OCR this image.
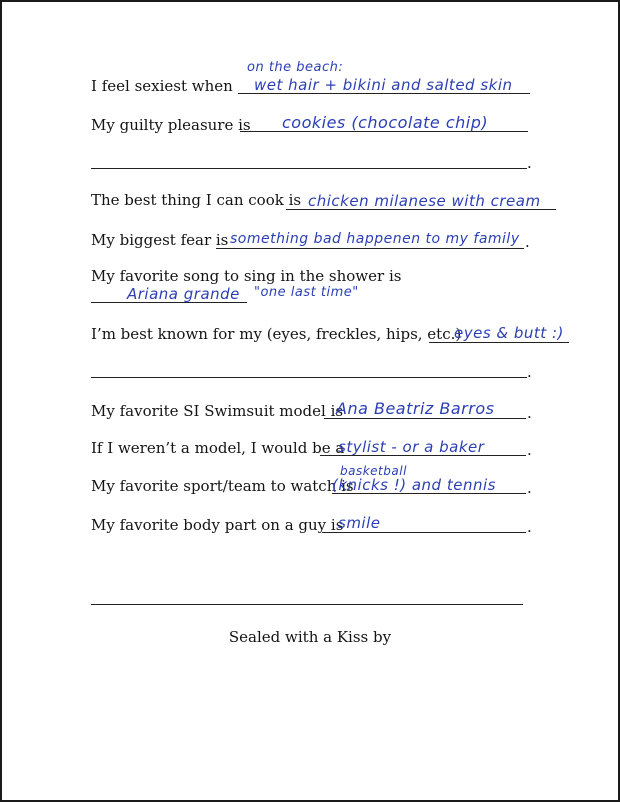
I feel sexiest when
on the beach:
wet hair + bikini and salted skin
My guilty pleasure is cookies (chocolate chip)
.
The best thing I can cook is chicken milanese with cream
My biggest fear is something bad happenen to my family .
My favorite song to sing in the shower is
Ariana grande "one last time"
I’m best known for my (eyes, freckles, hips, etc.)
eyes & butt :)
.
My favorite SI Swimsuit model is
Ana Beatriz Barros .
If I weren’t a model, I would be a
stylist - or a baker	.
My favorite sport/team to watch is
basketball
(knicks !) and tennis .
My favorite body part on a guy is
smile	.
Sealed with a Kiss by
